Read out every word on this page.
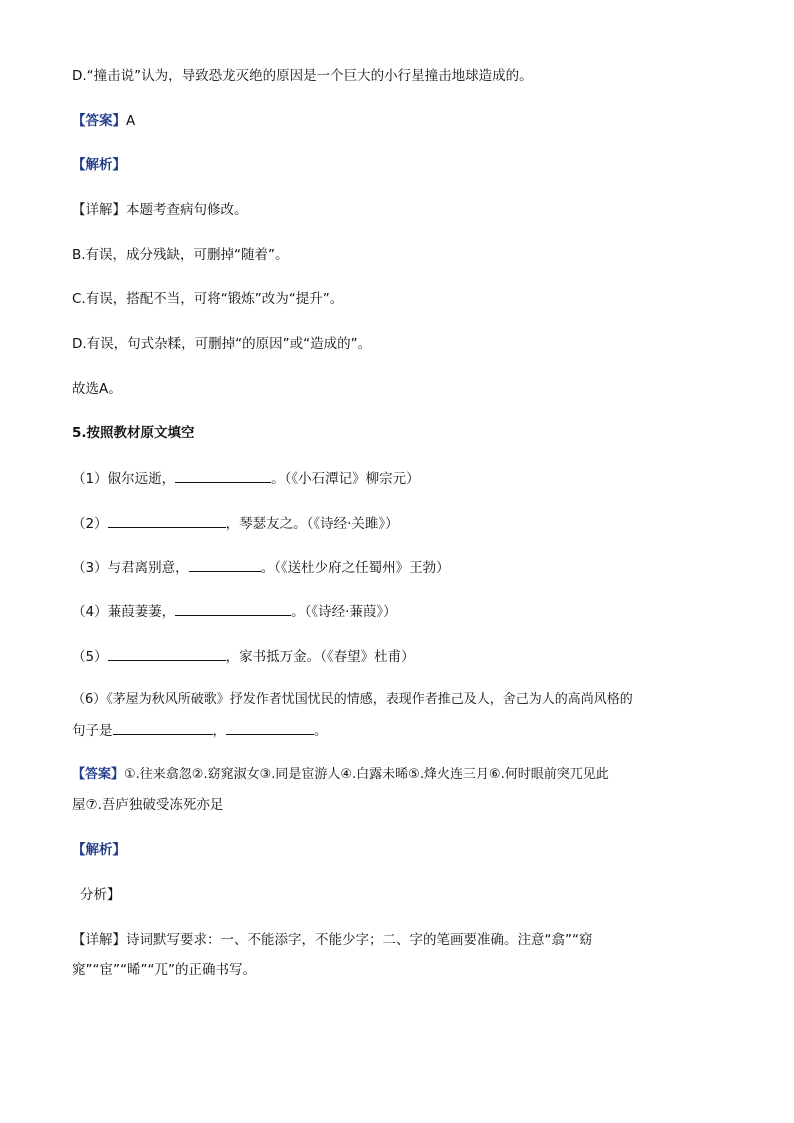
D.“撞击说”认为，导致恐龙灭绝的原因是一个巨大的小行星撞击地球造成的。
【答案】A
【解析】
【详解】本题考查病句修改。
B.有误，成分残缺，可删掉“随着”。
C.有误，搭配不当，可将“锻炼”改为“提升”。
D.有误，句式杂糅，可删掉“的原因”或“造成的”。
故选A。
5.按照教材原文填空
（1）俶尔远逝，	。（《小石潭记》柳宗元）
（2）	，琴瑟友之。（《诗经·关雎》）
（3）与君离别意，	。（《送杜少府之任蜀州》王勃）
（4）蒹葭萋萋，	。（《诗经·蒹葭》）
（5）	，家书抵万金。（《春望》杜甫）
（6）《茅屋为秋风所破歌》抒发作者忧国忧民的情感，表现作者推己及人，舍己为人的高尚风格的
句子是	，	。
【答案】①.往来翕忽②.窈窕淑女③.同是宦游人④.白露未晞⑤.烽火连三月⑥.何时眼前突兀见此
屋⑦.吾庐独破受冻死亦足
【解析】
分析】
【详解】诗词默写要求：一、不能添字，不能少字；二、字的笔画要准确。注意“翕”“窈
窕”“宦”“晞”“兀”的正确书写。
